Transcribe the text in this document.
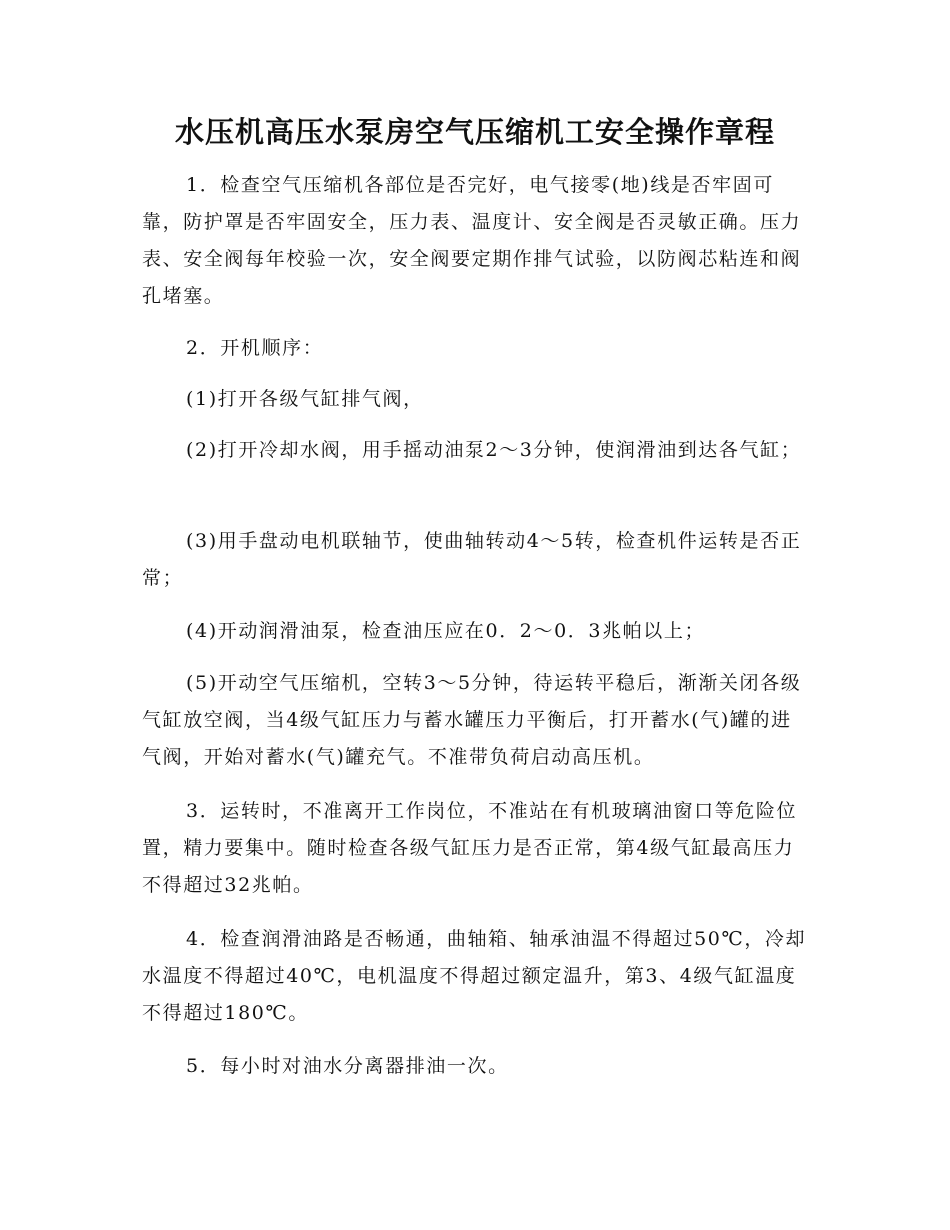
水压机高压水泵房空气压缩机工安全操作章程

1．检查空气压缩机各部位是否完好，电气接零(地)线是否牢固可靠，防护罩是否牢固安全，压力表、温度计、安全阀是否灵敏正确。压力表、安全阀每年校验一次，安全阀要定期作排气试验，以防阀芯粘连和阀孔堵塞。

2．开机顺序：

(1)打开各级气缸排气阀，

(2)打开冷却水阀，用手摇动油泵2～3分钟，使润滑油到达各气缸；

(3)用手盘动电机联轴节，使曲轴转动4～5转，检查机件运转是否正常；

(4)开动润滑油泵，检查油压应在0．2～0．3兆帕以上；

(5)开动空气压缩机，空转3～5分钟，待运转平稳后，渐渐关闭各级气缸放空阀，当4级气缸压力与蓄水罐压力平衡后，打开蓄水(气)罐的进气阀，开始对蓄水(气)罐充气。不准带负荷启动高压机。

3．运转时，不准离开工作岗位，不准站在有机玻璃油窗口等危险位置，精力要集中。随时检查各级气缸压力是否正常，第4级气缸最高压力不得超过32兆帕。

4．检查润滑油路是否畅通，曲轴箱、轴承油温不得超过50℃，冷却水温度不得超过40℃，电机温度不得超过额定温升，第3、4级气缸温度不得超过180℃。

5．每小时对油水分离器排油一次。
